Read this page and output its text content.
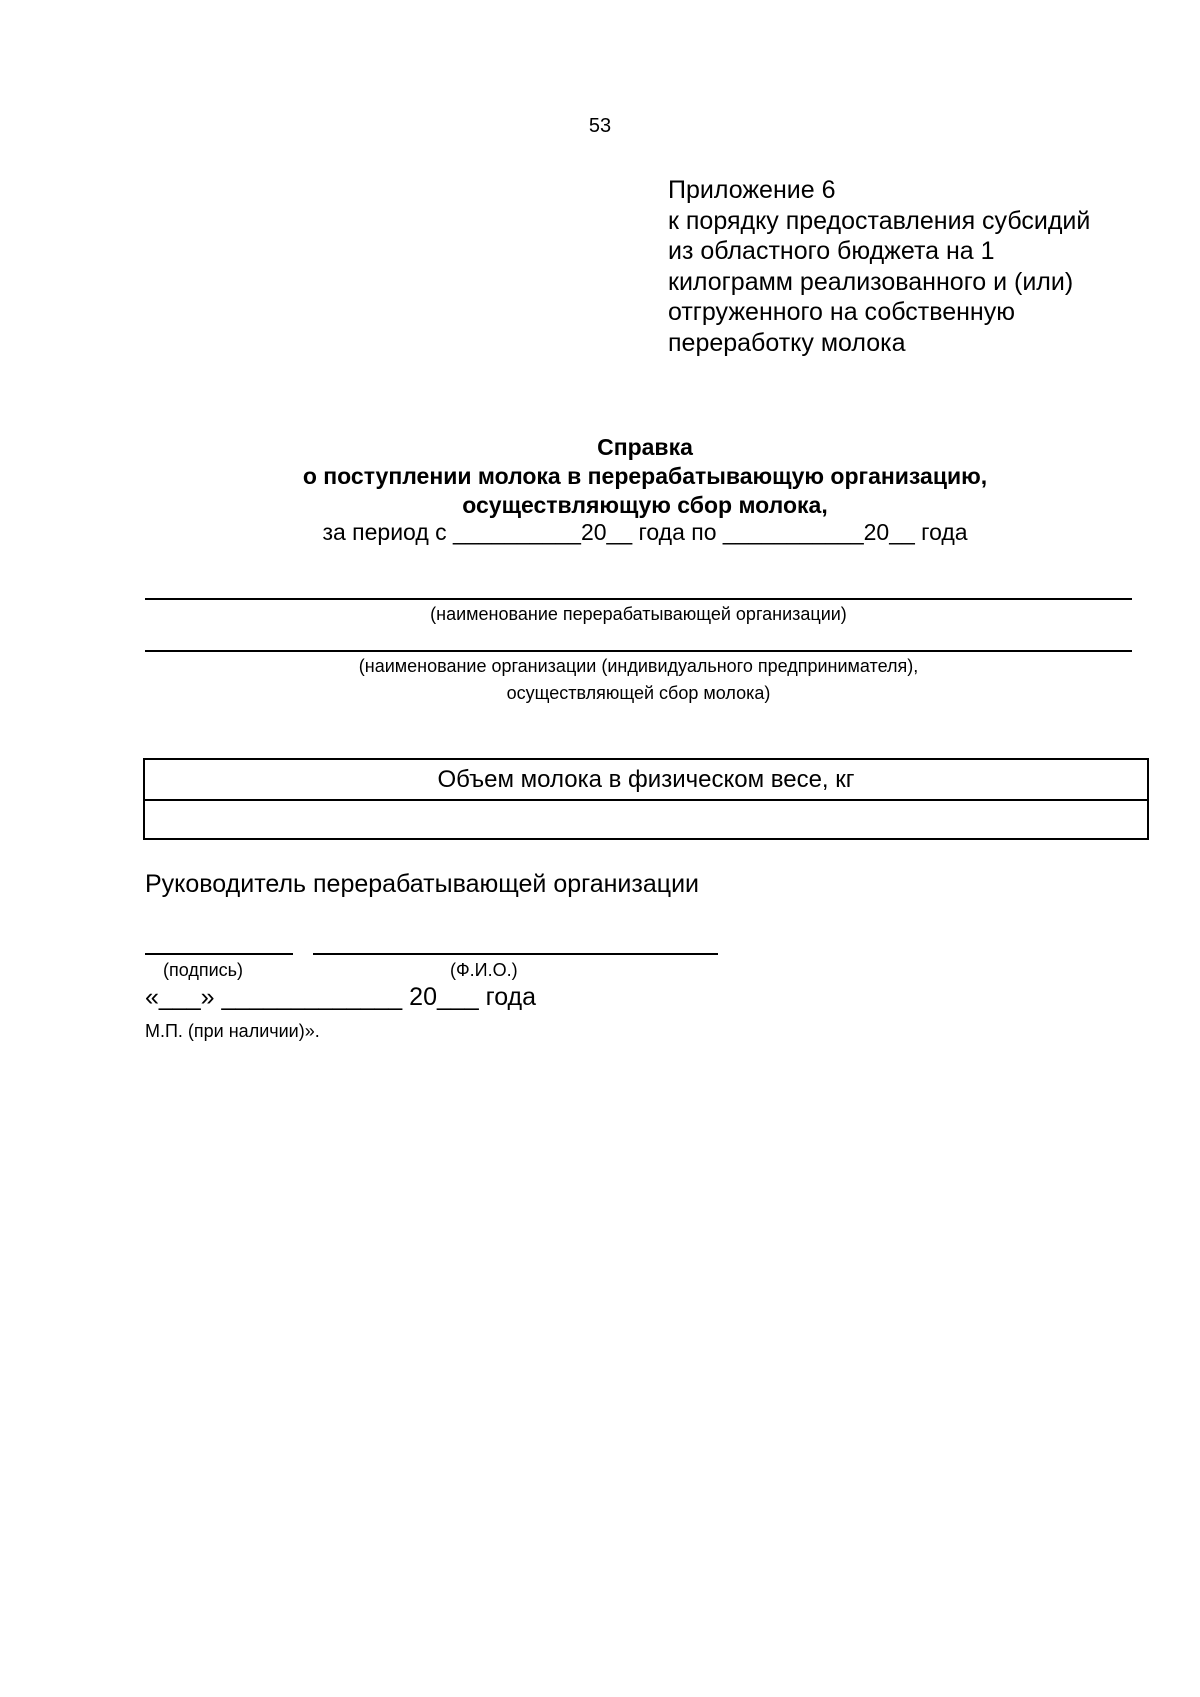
53
Приложение 6
к порядку предоставления субсидий
из областного бюджета на 1
килограмм реализованного и (или)
отгруженного на собственную
переработку молока
Справка
о поступлении молока в перерабатывающую организацию,
осуществляющую сбор молока,
за период с __________20__ года по ___________20__ года
(наименование перерабатывающей организации)
(наименование организации (индивидуального предпринимателя),
осуществляющей сбор молока)
Объем молока в физическом весе, кг

Руководитель перерабатывающей организации
(подпись)	(Ф.И.О.)
«___» _____________ 20___ года
М.П. (при наличии)».
